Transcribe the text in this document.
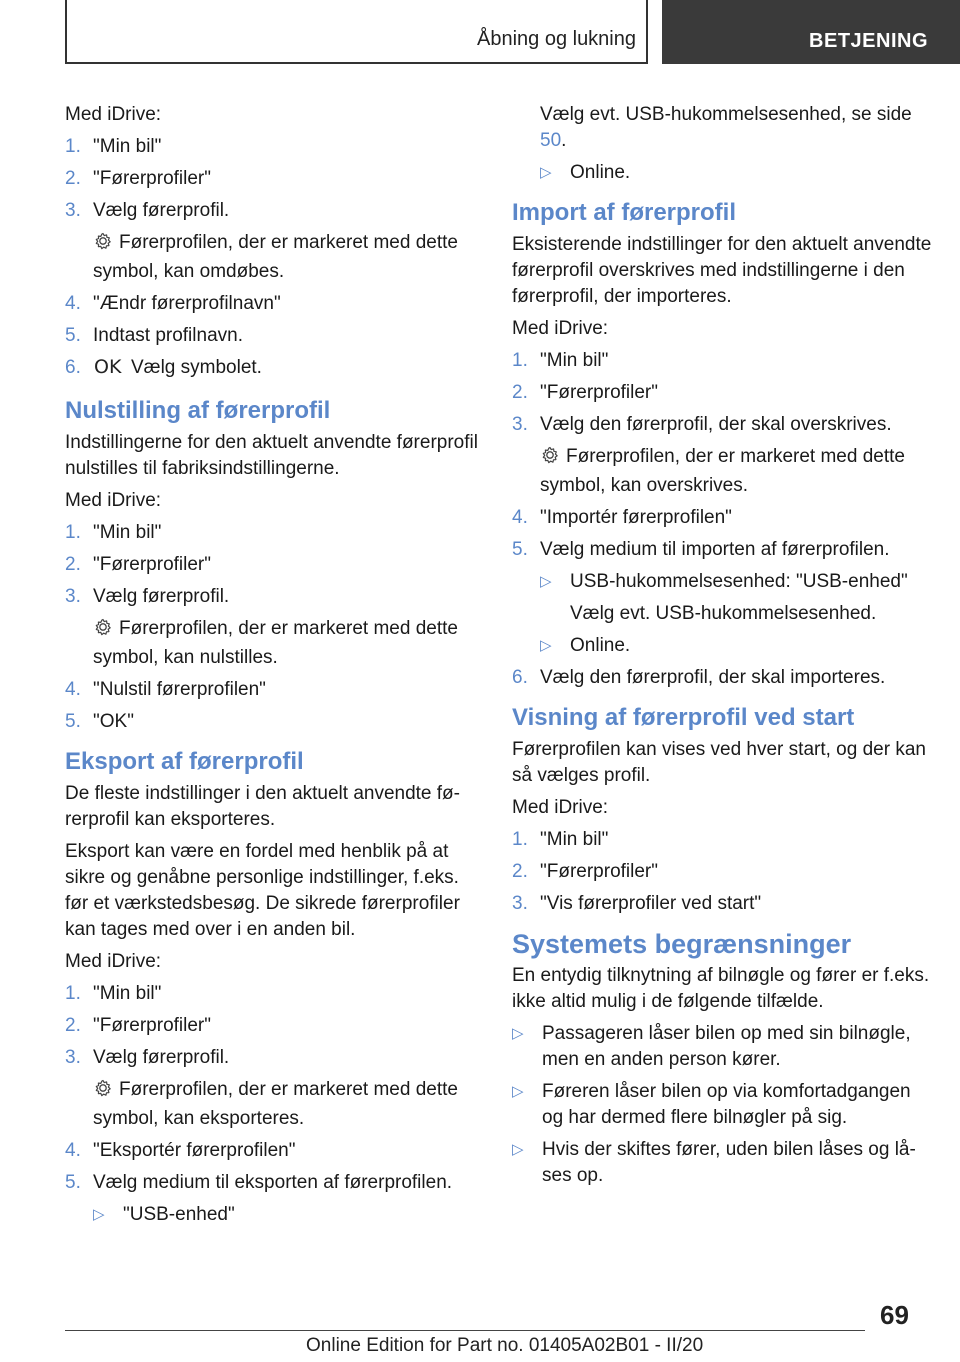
Åbning og lukning	BETJENING

Med iDrive:

1. "Min bil"
2. "Førerprofiler"
3. Vælg førerprofil.
Førerprofilen, der er markeret med dette symbol, kan omdøbes.
4. "Ændr førerprofilnavn"
5. Indtast profilnavn.
6. OK Vælg symbolet.
Nulstilling af førerprofil

Indstillingerne for den aktuelt anvendte førerprofil nulstilles til fabriksindstillingerne.

Med iDrive:

1. "Min bil"
2. "Førerprofiler"
3. Vælg førerprofil.
Førerprofilen, der er markeret med dette symbol, kan nulstilles.
4. "Nulstil førerprofilen"
5. "OK"
Eksport af førerprofil

De fleste indstillinger i den aktuelt anvendte førerprofil kan eksporteres.

Eksport kan være en fordel med henblik på at sikre og genåbne personlige indstillinger, f.eks. før et værkstedsbesøg. De sikrede førerprofiler kan tages med over i en anden bil.

Med iDrive:

1. "Min bil"
2. "Førerprofiler"
3. Vælg førerprofil.
Førerprofilen, der er markeret med dette symbol, kan eksporteres.
4. "Eksportér førerprofilen"
5. Vælg medium til eksporten af førerprofilen.
▷ "USB-enhed"
Vælg evt. USB-hukommelsesenhed, se side 50.
▷ Online.
Import af førerprofil

Eksisterende indstillinger for den aktuelt anvendte førerprofil overskrives med indstillingerne i den førerprofil, der importeres.

Med iDrive:

1. "Min bil"
2. "Førerprofiler"
3. Vælg den førerprofil, der skal overskrives.
Førerprofilen, der er markeret med dette symbol, kan overskrives.
4. "Importér førerprofilen"
5. Vælg medium til importen af førerprofilen.
▷ USB-hukommelsesenhed: "USB-enhed"
Vælg evt. USB-hukommelsesenhed.
▷ Online.
6. Vælg den førerprofil, der skal importeres.
Visning af førerprofil ved start

Førerprofilen kan vises ved hver start, og der kan så vælges profil.

Med iDrive:

1. "Min bil"
2. "Førerprofiler"
3. "Vis førerprofiler ved start"
Systemets begrænsninger

En entydig tilknytning af bilnøgle og fører er f.eks. ikke altid mulig i de følgende tilfælde.

▷ Passageren låser bilen op med sin bilnøgle, men en anden person kører.
▷ Føreren låser bilen op via komfortadgangen og har dermed flere bilnøgler på sig.
▷ Hvis der skiftes fører, uden bilen låses og låses op.
69
Online Edition for Part no. 01405A02B01 - II/20
